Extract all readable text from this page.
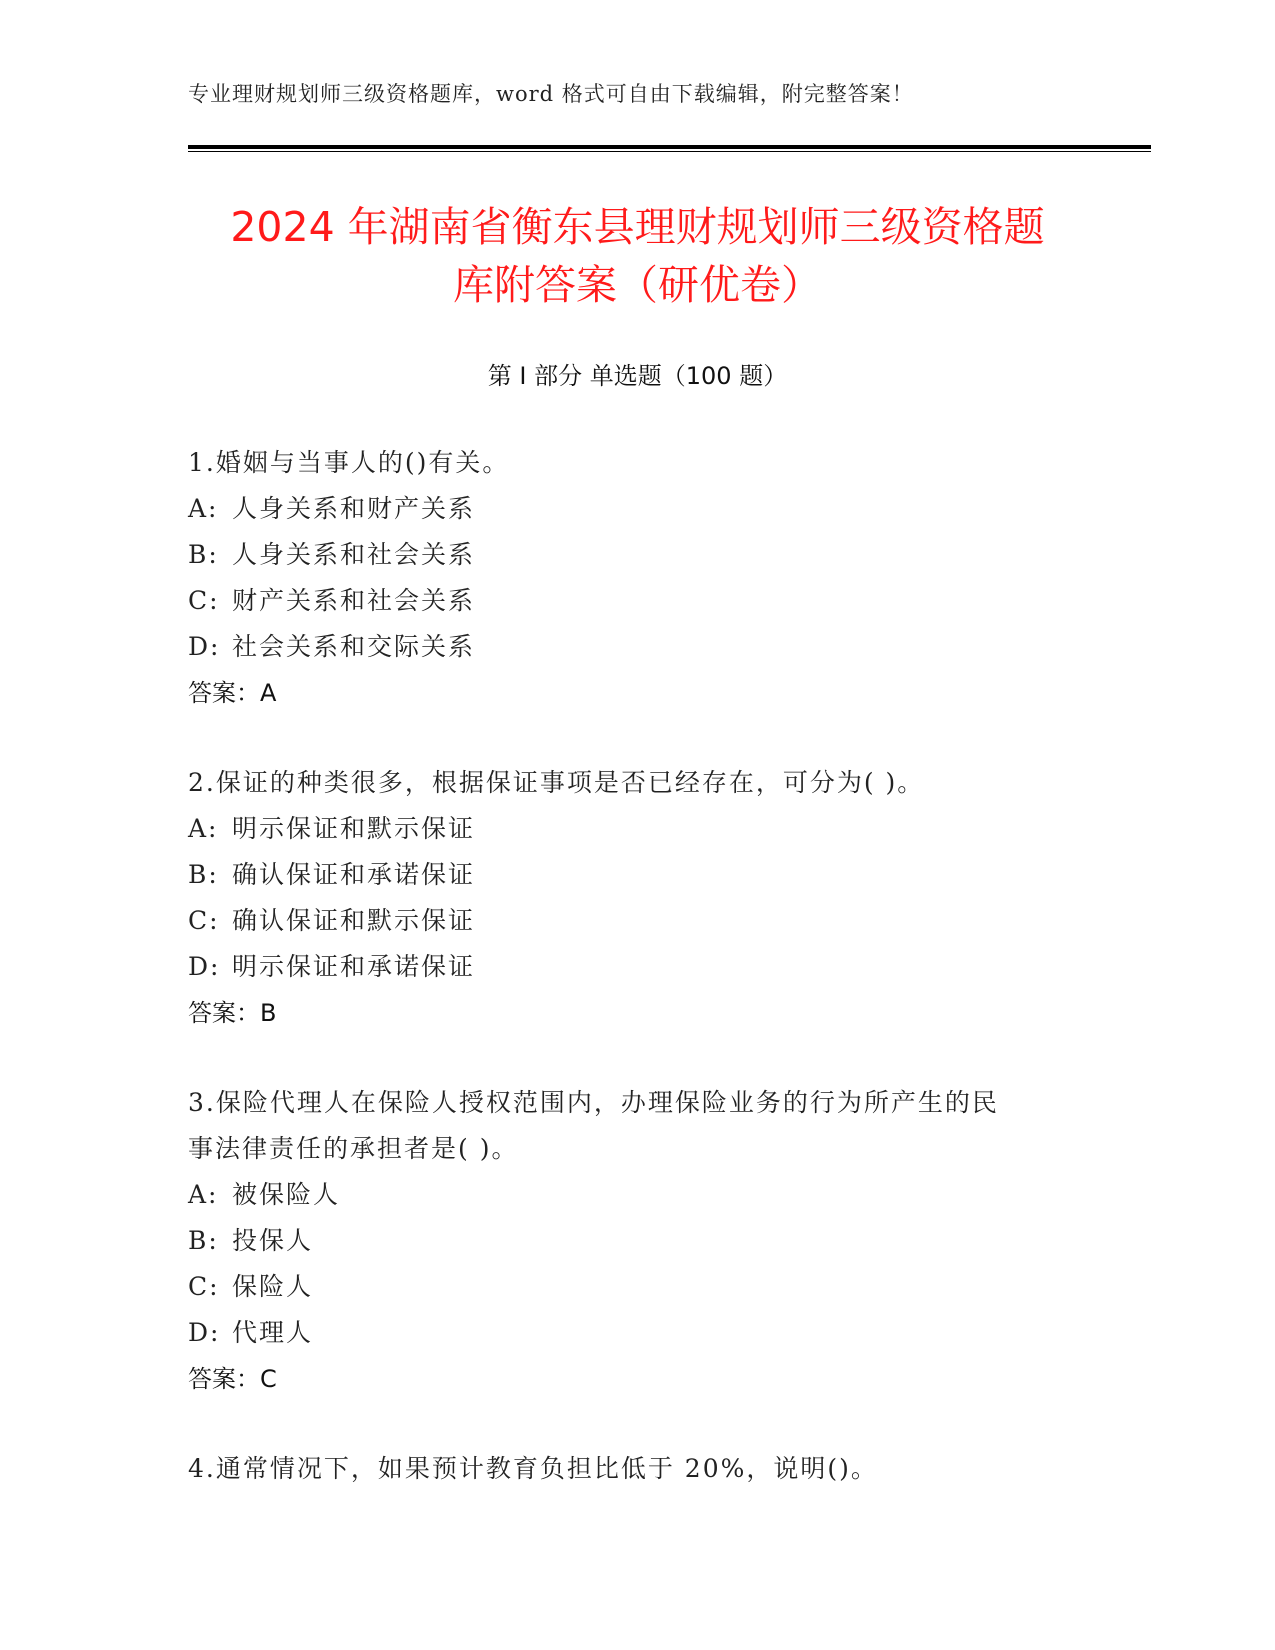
专业理财规划师三级资格题库，word 格式可自由下载编辑，附完整答案！
2024 年湖南省衡东县理财规划师三级资格题
库附答案（研优卷）
第 I 部分 单选题（100 题）
1.婚姻与当事人的()有关。
A: 人身关系和财产关系
B: 人身关系和社会关系
C: 财产关系和社会关系
D: 社会关系和交际关系
答案：A
2.保证的种类很多，根据保证事项是否已经存在，可分为( )。
A: 明示保证和默示保证
B: 确认保证和承诺保证
C: 确认保证和默示保证
D: 明示保证和承诺保证
答案：B
3.保险代理人在保险人授权范围内，办理保险业务的行为所产生的民
事法律责任的承担者是( )。
A: 被保险人
B: 投保人
C: 保险人
D: 代理人
答案：C
4.通常情况下，如果预计教育负担比低于 20%，说明()。
